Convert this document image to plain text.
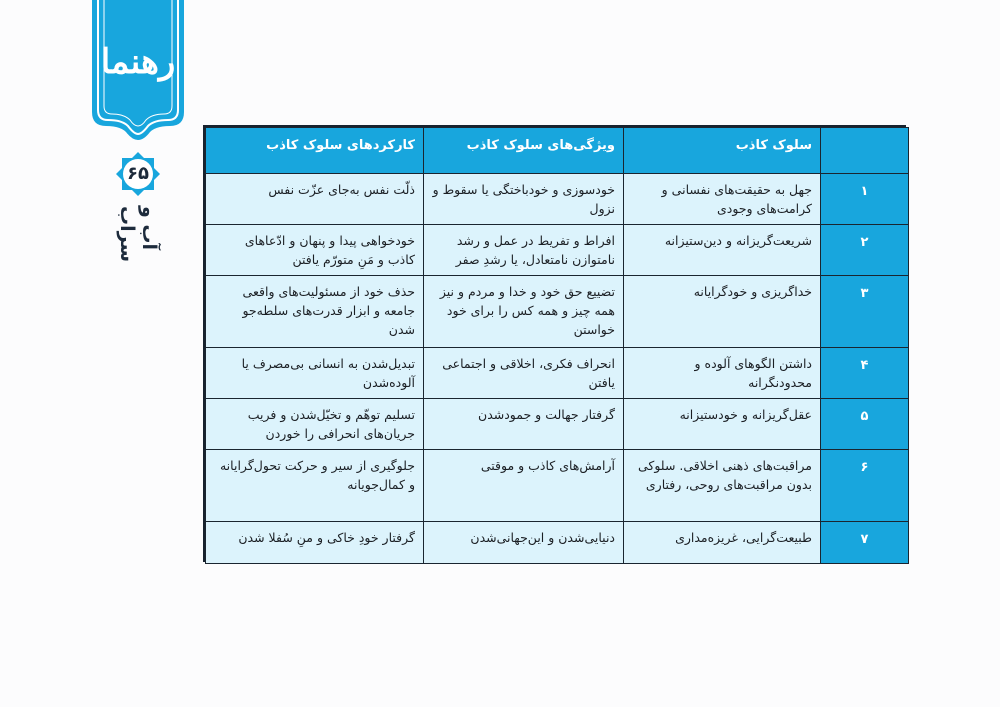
رهنما
۶۵
آب و سراب
	سلوک کاذب	ویژگی‌های سلوک کاذب	کارکردهای سلوک کاذب
۱	جهل به حقیقت‌های نفسانی و کرامت‌های وجودی	خودسوزی و خودباختگی یا سقوط و نزول	ذلّت نفس به‌جای عزّت نفس
۲	شریعت‌گریزانه و دین‌ستیزانه	افراط و تفریط در عمل و رشد نامتوازن نامتعادل، یا رشدِ صفر	خودخواهی پیدا و پنهان و ادّعاهای کاذب و مَنِ متورّم یافتن
۳	خداگریزی و خودگرایانه	تضییع حق خود و خدا و مردم و نیز همه چیز و همه کس را برای خود خواستن	حذف خود از مسئولیت‌های واقعی جامعه و ابزار قدرت‌های سلطه‌جو شدن
۴	داشتن الگوهای آلوده و محدودنگرانه	انحراف فکری، اخلاقی و اجتماعی یافتن	تبدیل‌شدن به انسانی بی‌مصرف یا آلوده‌شدن
۵	عقل‌گریزانه و خودستیزانه	گرفتار جهالت و جمودشدن	تسلیم توهّم و تخیّل‌شدن و فریب جریان‌های انحرافی را خوردن
۶	مراقبت‌های ذهنی اخلاقی. سلوکی بدون مراقبت‌های روحی، رفتاری	آرامش‌های کاذب و موقتی	جلوگیری از سیر و حرکت تحول‌گرایانه و کمال‌جویانه
۷	طبیعت‌گرایی، غریزه‌مداری	دنیایی‌شدن و این‌جهانی‌شدن	گرفتار خودِ خاکی و منِ سُفلا شدن
